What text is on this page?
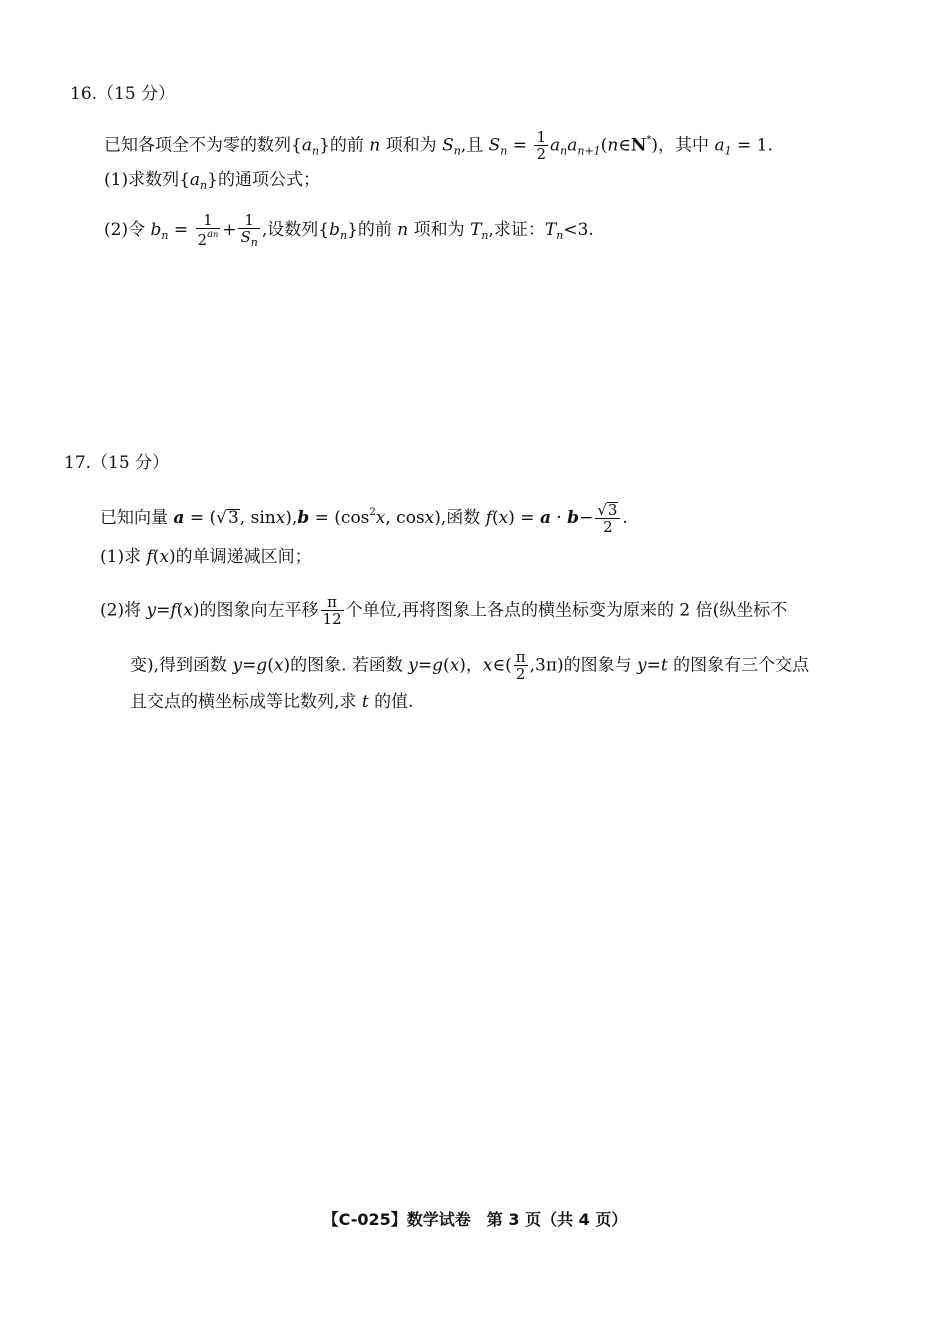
16.（15 分）
已知各项全不为零的数列$\{a_n\}$的前 n 项和为 $S_n$,且 $S_n = \frac{1}{2}$ $a_na_{n+1}(n\in N^*)$，其中 $a_1 = 1$.
(1)求数列$\{a_n\}$的通项公式；
(2)令 $b_n = \frac{1}{2^{an}} + \frac{1}{S_n}$ ,设数列$\{b_n\}$的前 n 项和为 $T_n$,求证：$T_n<3$.
17.（15 分）
已知向量 a = (√3, $\sin x),b = (\cos^2x$, cosx),函数 $f(x) = a \cdot b- \frac{√3}{2}$ .
(1)求 f(x)的单调递减区间；
(2)将 y=f(x)的图象向左平移 $\frac{\pi}{12}$ 个单位,再将图象上各点的横坐标变为原来的 2 倍(纵坐标不
变),得到函数 y=g(x)的图象. 若函数 y=g(x)，x∈( $\frac{\pi}{2} ,3\pi$)的图象与 y=t 的图象有三个交点
且交点的横坐标成等比数列,求 t 的值.
【C-025】数学试卷　第 3 页（共 4 页）
